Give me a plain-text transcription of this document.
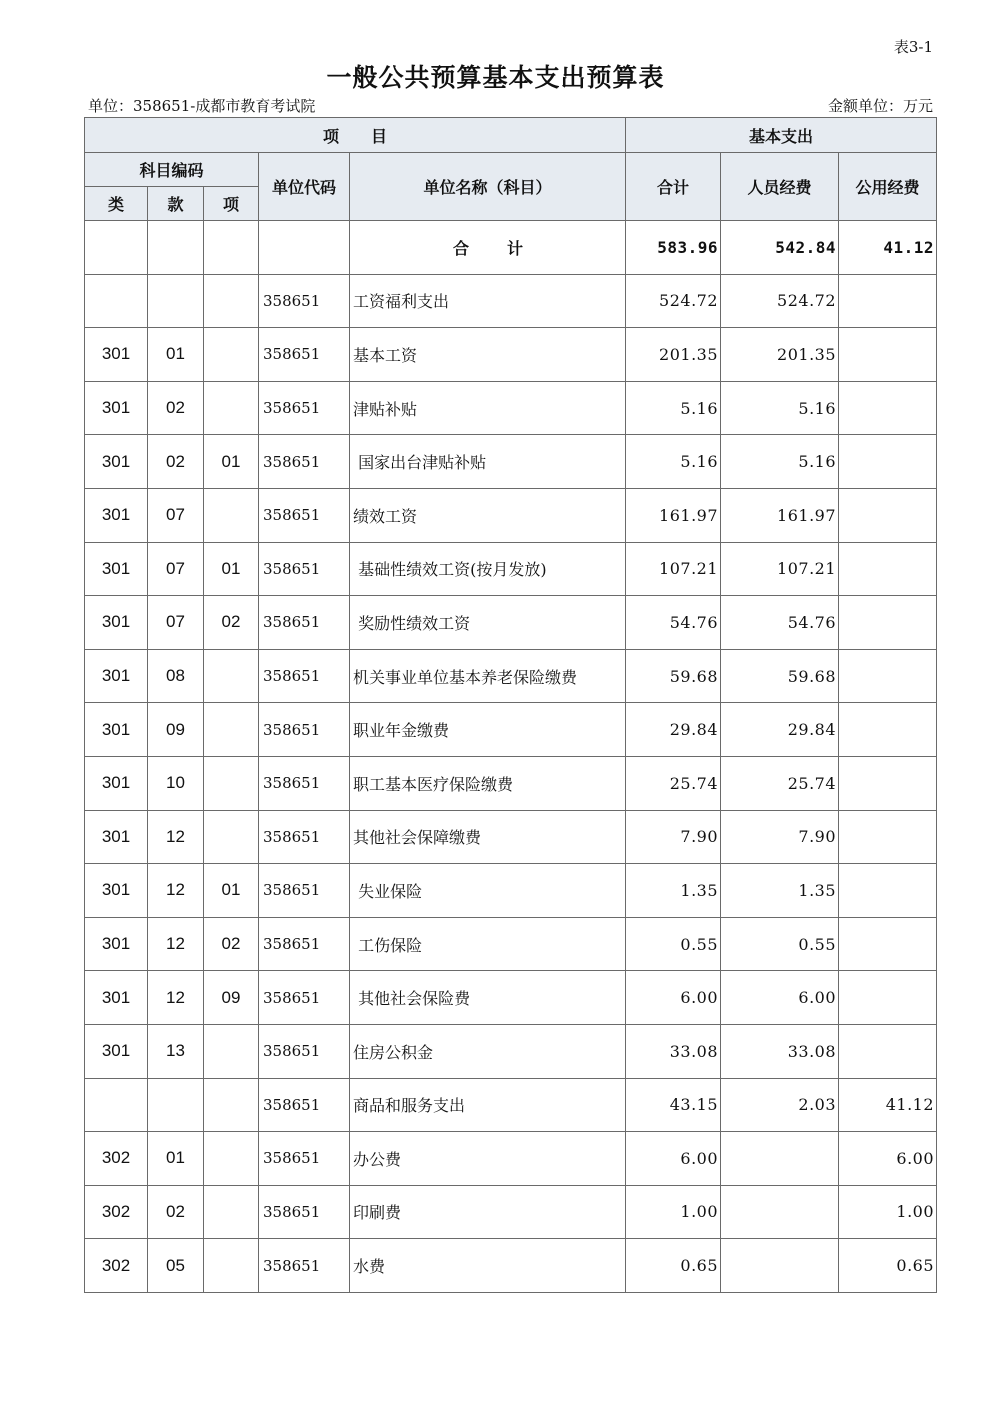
表3-1
一般公共预算基本支出预算表
单位：358651-成都市教育考试院	金额单位：万元
项　　目					基本支出		
科目编码			单位代码	单位名称（科目）	合计	人员经费	公用经费
类	款	项					
				合　　计	583.96	542.84	41.12
			358651	工资福利支出	524.72	524.72	
301	01		358651	基本工资	201.35	201.35	
301	02		358651	津贴补贴	5.16	5.16	
301	02	01	358651	国家出台津贴补贴	5.16	5.16	
301	07		358651	绩效工资	161.97	161.97	
301	07	01	358651	基础性绩效工资(按月发放)	107.21	107.21	
301	07	02	358651	奖励性绩效工资	54.76	54.76	
301	08		358651	机关事业单位基本养老保险缴费	59.68	59.68	
301	09		358651	职业年金缴费	29.84	29.84	
301	10		358651	职工基本医疗保险缴费	25.74	25.74	
301	12		358651	其他社会保障缴费	7.90	7.90	
301	12	01	358651	失业保险	1.35	1.35	
301	12	02	358651	工伤保险	0.55	0.55	
301	12	09	358651	其他社会保险费	6.00	6.00	
301	13		358651	住房公积金	33.08	33.08	
			358651	商品和服务支出	43.15	2.03	41.12
302	01		358651	办公费	6.00		6.00
302	02		358651	印刷费	1.00		1.00
302	05		358651	水费	0.65		0.65
